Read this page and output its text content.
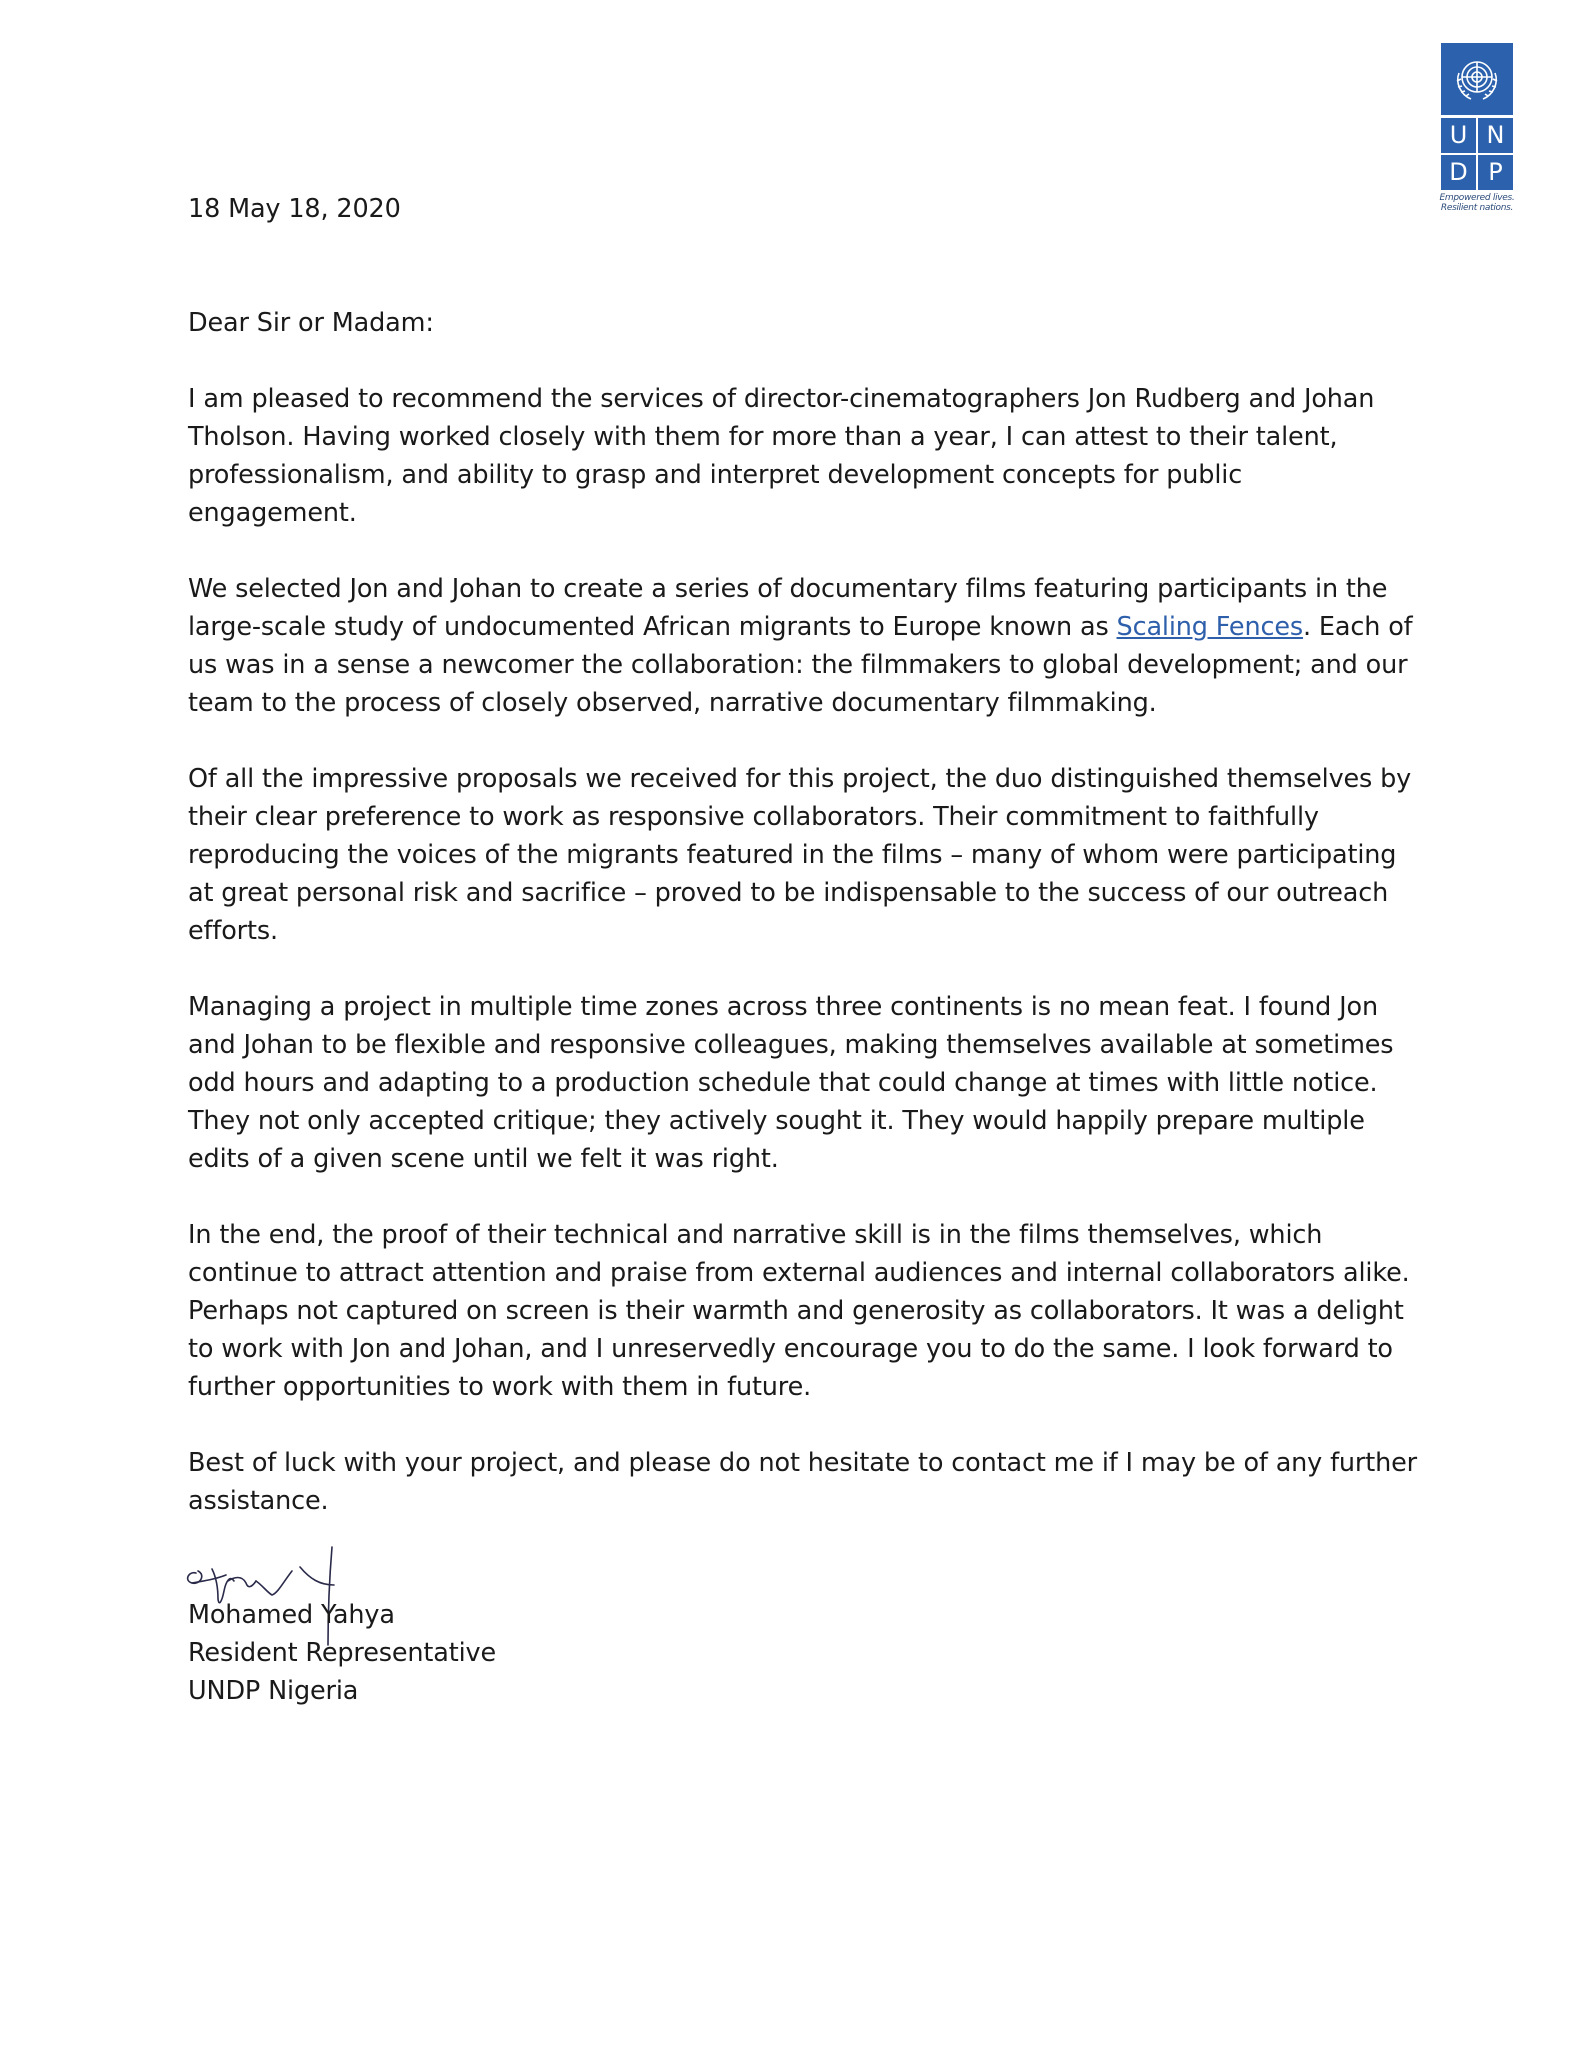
U N
D P
Empowered lives.
Resilient nations.

18 May 18, 2020

Dear Sir or Madam:

I am pleased to recommend the services of director-cinematographers Jon Rudberg and Johan Tholson. Having worked closely with them for more than a year, I can attest to their talent, professionalism, and ability to grasp and interpret development concepts for public engagement.

We selected Jon and Johan to create a series of documentary films featuring participants in the large-scale study of undocumented African migrants to Europe known as Scaling Fences. Each of us was in a sense a newcomer the collaboration: the filmmakers to global development; and our team to the process of closely observed, narrative documentary filmmaking.

Of all the impressive proposals we received for this project, the duo distinguished themselves by their clear preference to work as responsive collaborators. Their commitment to faithfully reproducing the voices of the migrants featured in the films – many of whom were participating at great personal risk and sacrifice – proved to be indispensable to the success of our outreach efforts.

Managing a project in multiple time zones across three continents is no mean feat. I found Jon and Johan to be flexible and responsive colleagues, making themselves available at sometimes odd hours and adapting to a production schedule that could change at times with little notice. They not only accepted critique; they actively sought it. They would happily prepare multiple edits of a given scene until we felt it was right.

In the end, the proof of their technical and narrative skill is in the films themselves, which continue to attract attention and praise from external audiences and internal collaborators alike. Perhaps not captured on screen is their warmth and generosity as collaborators. It was a delight to work with Jon and Johan, and I unreservedly encourage you to do the same. I look forward to further opportunities to work with them in future.

Best of luck with your project, and please do not hesitate to contact me if I may be of any further assistance.

Mohamed Yahya

Resident Representative

UNDP Nigeria
